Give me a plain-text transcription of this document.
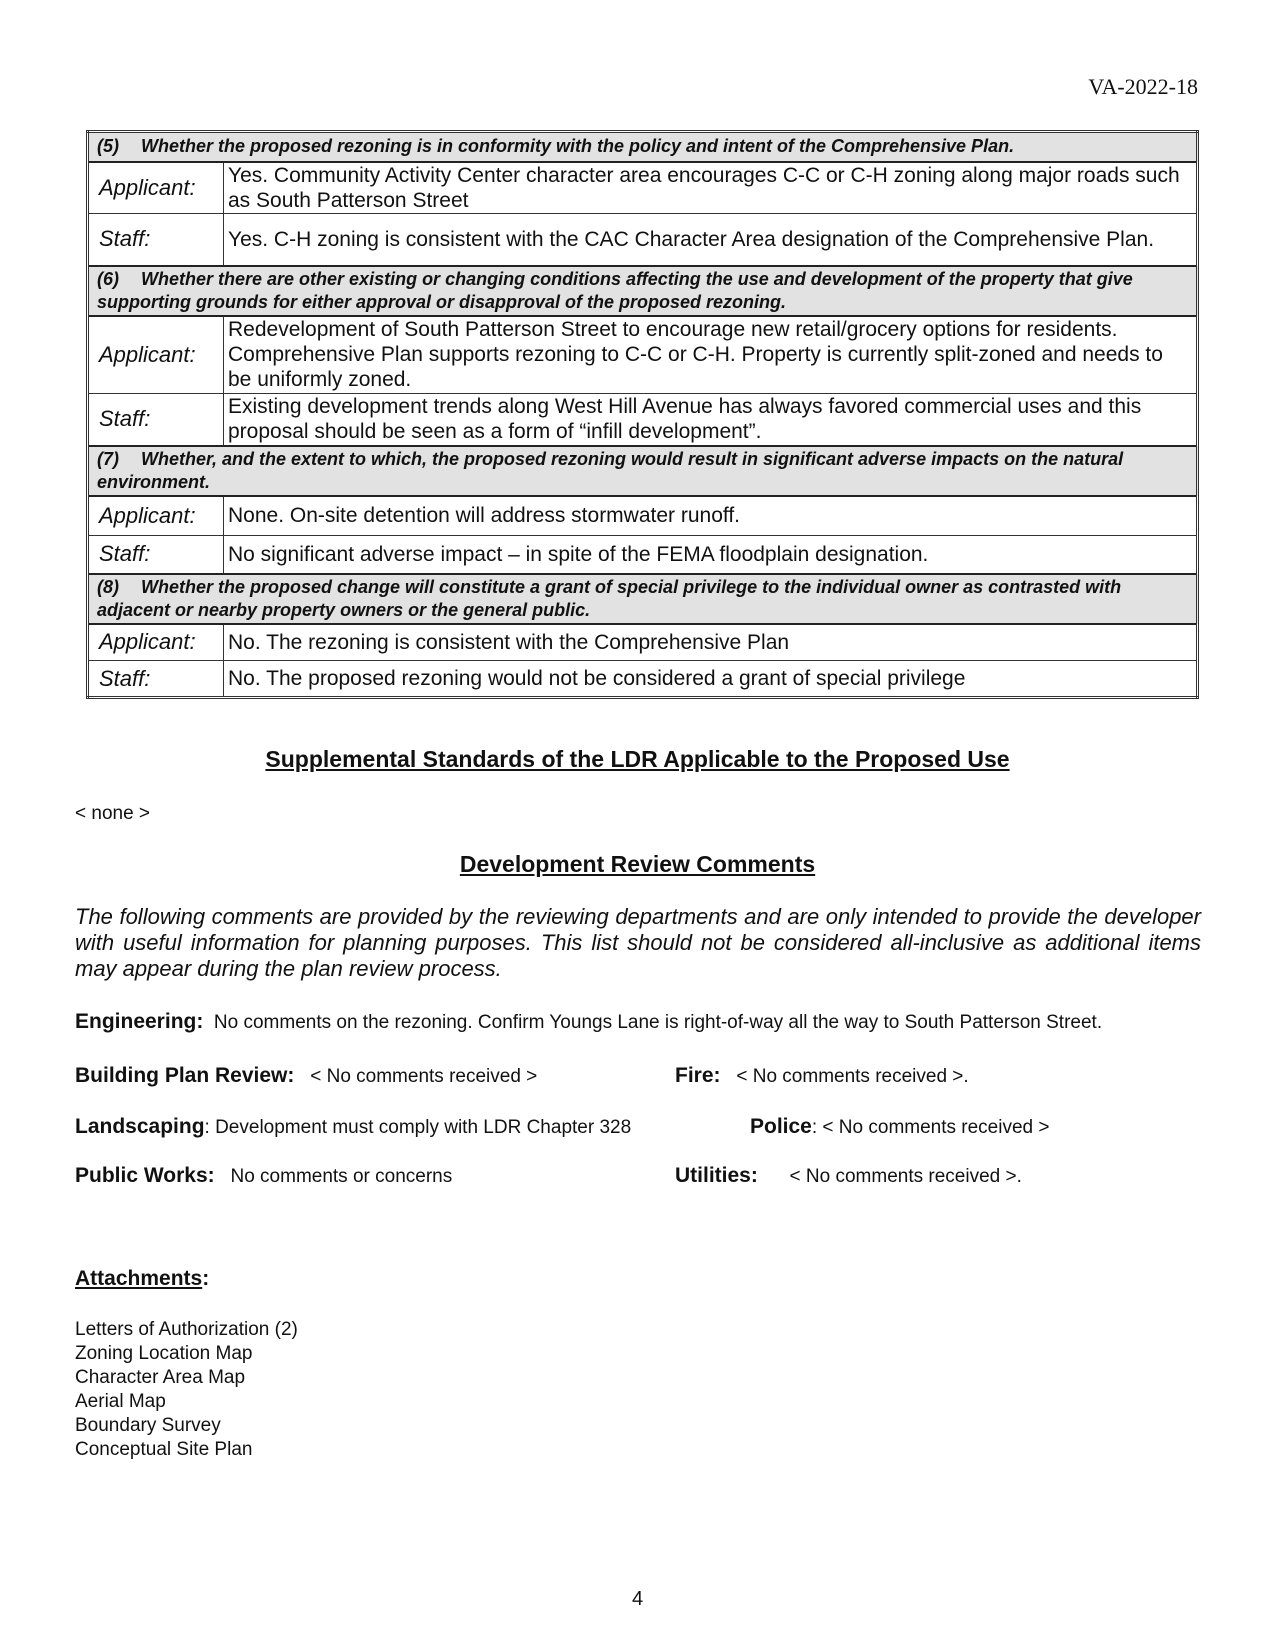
VA-2022-18
(5) Whether the proposed rezoning is in conformity with the policy and intent of the Comprehensive Plan.	
Applicant:	Yes. Community Activity Center character area encourages C-C or C-H zoning along major roads such as South Patterson Street
Staff:	Yes. C-H zoning is consistent with the CAC Character Area designation of the Comprehensive Plan.
(6) Whether there are other existing or changing conditions affecting the use and development of the property that give supporting grounds for either approval or disapproval of the proposed rezoning.	
Applicant:	Redevelopment of South Patterson Street to encourage new retail/grocery options for residents. Comprehensive Plan supports rezoning to C-C or C-H. Property is currently split-zoned and needs to be uniformly zoned.
Staff:	Existing development trends along West Hill Avenue has always favored commercial uses and this proposal should be seen as a form of “infill development”.
(7) Whether, and the extent to which, the proposed rezoning would result in significant adverse impacts on the natural environment.	
Applicant:	None. On-site detention will address stormwater runoff.
Staff:	No significant adverse impact – in spite of the FEMA floodplain designation.
(8) Whether the proposed change will constitute a grant of special privilege to the individual owner as contrasted with adjacent or nearby property owners or the general public.	
Applicant:	No. The rezoning is consistent with the Comprehensive Plan
Staff:	No. The proposed rezoning would not be considered a grant of special privilege
Supplemental Standards of the LDR Applicable to the Proposed Use
< none >
Development Review Comments
The following comments are provided by the reviewing departments and are only intended to provide the developer with useful information for planning purposes. This list should not be considered all-inclusive as additional items may appear during the plan review process.
Engineering: No comments on the rezoning. Confirm Youngs Lane is right-of-way all the way to South Patterson Street.
Building Plan Review: < No comments received >	Fire: < No comments received >.
Landscaping: Development must comply with LDR Chapter 328	Police: < No comments received >
Public Works: No comments or concerns	Utilities: < No comments received >.
Attachments:
Letters of Authorization (2)
Zoning Location Map
Character Area Map
Aerial Map
Boundary Survey
Conceptual Site Plan
4
